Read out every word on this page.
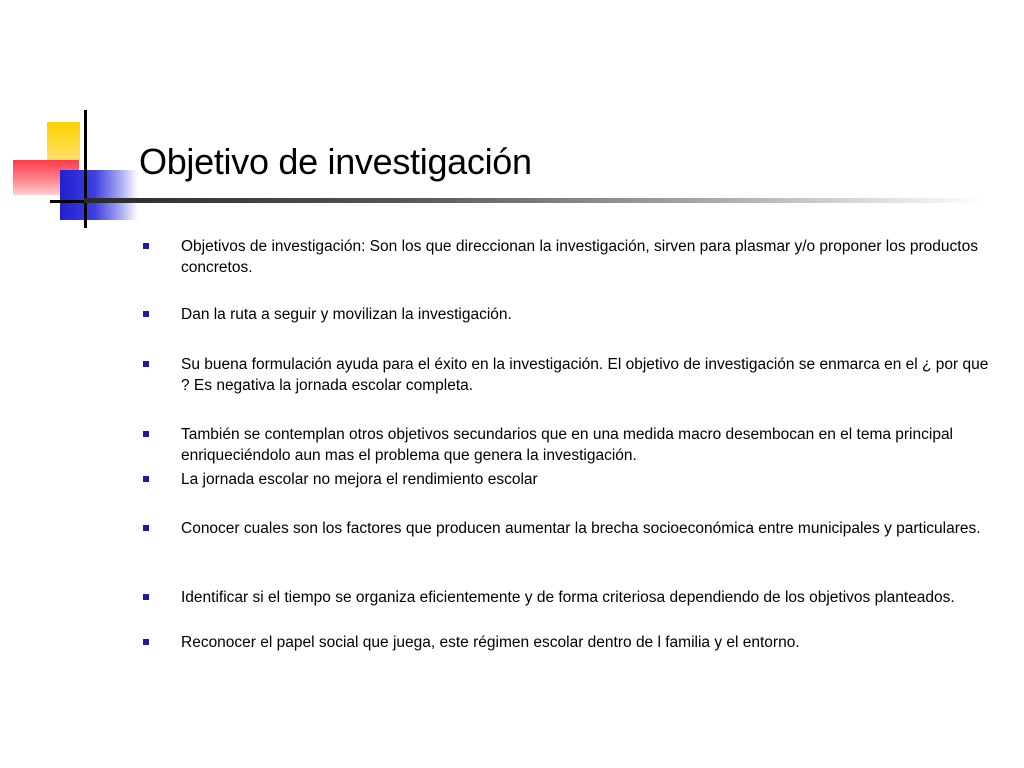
Objetivo de investigación
Objetivos de investigación: Son los que direccionan la investigación, sirven para plasmar y/o proponer los productos concretos.
Dan la ruta a seguir y movilizan la investigación.
Su buena formulación ayuda para el éxito en la investigación. El objetivo de investigación se enmarca en el ¿ por que ? Es negativa la jornada escolar completa.
También se contemplan otros objetivos secundarios que en una medida macro desembocan en el tema principal enriqueciéndolo aun mas el problema que genera la investigación.
La jornada escolar no mejora el rendimiento escolar
Conocer cuales son los factores que producen aumentar la brecha socioeconómica entre municipales y particulares.
Identificar si el tiempo se organiza eficientemente y de forma criteriosa dependiendo de los objetivos planteados.
Reconocer el papel social que juega, este régimen escolar dentro de l familia y el entorno.
